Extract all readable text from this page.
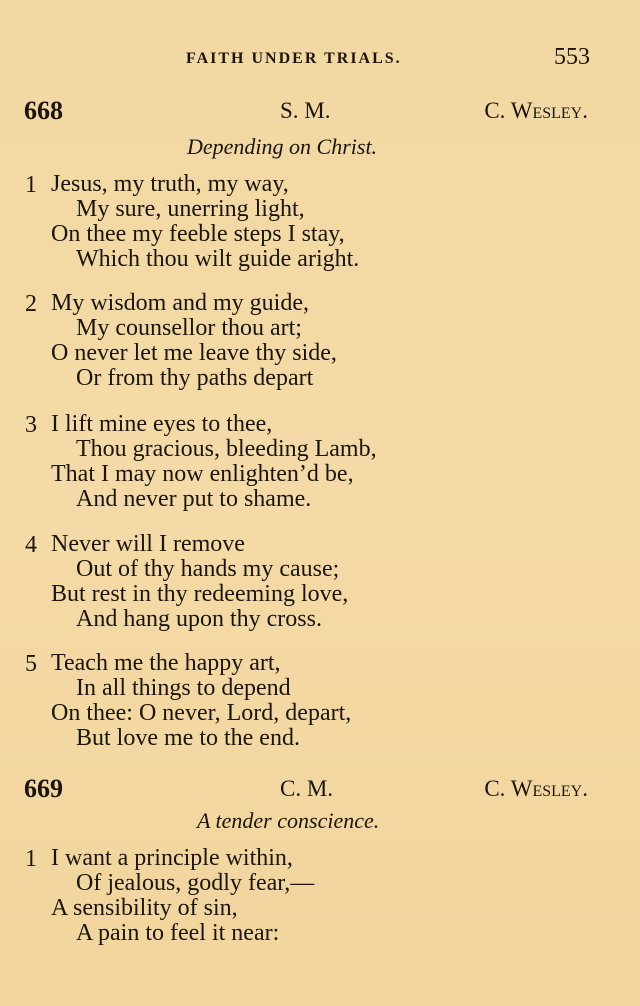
FAITH UNDER TRIALS.	553
668	S. M.	C. Wesley.
Depending on Christ.
1 Jesus, my truth, my way,
My sure, unerring light,
On thee my feeble steps I stay,
Which thou wilt guide aright.
2 My wisdom and my guide,
My counsellor thou art;
O never let me leave thy side,
Or from thy paths depart
3 I lift mine eyes to thee,
Thou gracious, bleeding Lamb,
That I may now enlighten’d be,
And never put to shame.
4 Never will I remove
Out of thy hands my cause;
But rest in thy redeeming love,
And hang upon thy cross.
5 Teach me the happy art,
In all things to depend
On thee: O never, Lord, depart,
But love me to the end.
669	C. M.	C. Wesley.
A tender conscience.
1 I want a principle within,
Of jealous, godly fear,—
A sensibility of sin,
A pain to feel it near:
